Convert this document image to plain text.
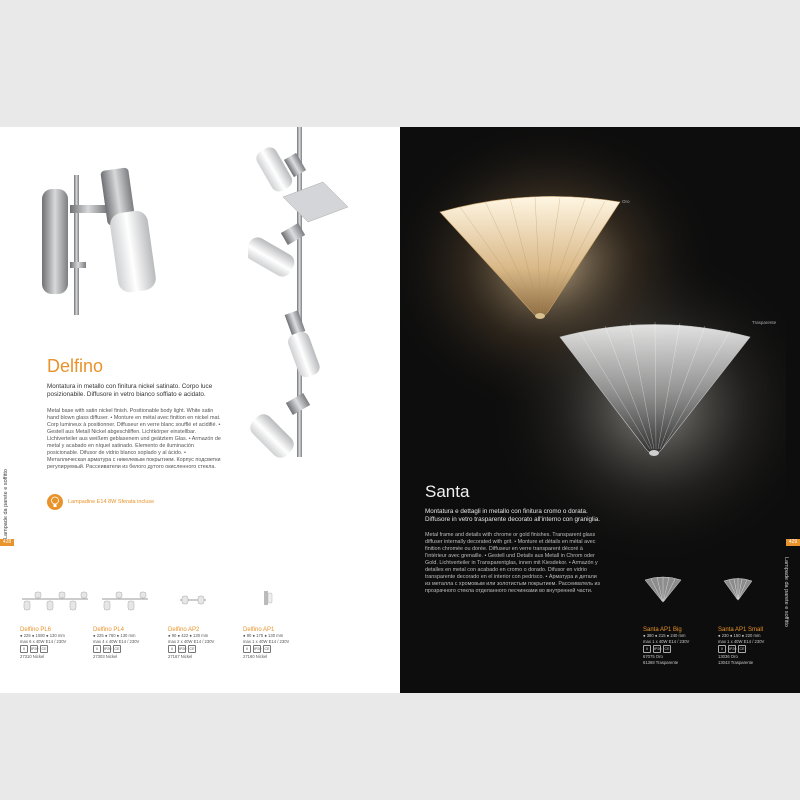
Lampade da parete e soffitto
428
Delfino
Montatura in metallo con finitura nickel satinato. Corpo luce posizionabile. Diffusore in vetro bianco soffiato e acidato.
Metal base with satin nickel finish. Positionable body light. White satin hand blown glass diffuser. • Monture en métal avec finition en nickel mat. Corp lumineux à positionner. Diffuseur en verre blanc soufflé et acidifié. • Gestell aus Metall Nickel abgeschliffen. Lichtkörper einstellbar. Lichtverteiler aus weißem geblasenem und geätztem Glas. • Armazón de metal y acabado en níquel satinado. Elemento de iluminación posicionable. Difusor de vidrio blanco soplado y al ácido. • Металлическая арматура с никелевым покрытием. Корпус подсветки регулируемый. Рассеиватели из белого дутого окисленного стекла.
Lampadine E14 8W Sferata incluse
Delfino PL6
● 225 ● 1080 ● 130 mm
max 6 x 40W E14 / 230V
II	IP20 CE
27310 Nickel
Delfino PL4
● 225 ● 760 ● 130 mm
max 4 x 40W E14 / 230V
II	IP20 CE
27303 Nickel
Delfino AP2
● 90 ● 422 ● 130 mm
max 2 x 40W E14 / 230V
II	IP20 CE
27167 Nickel
Delfino AP1
● 90 ● 175 ● 130 mm
max 1 x 40W E14 / 230V
II	IP20 CE
27160 Nickel
Oro
Trasparente
Lampade da parete e soffitto
429
Santa
Montatura e dettagli in metallo con finitura cromo o dorata. Diffusore in vetro trasparente decorato all'interno con graniglia.
Metal frame and details with chrome or gold finishes. Transparent glass diffuser internally decorated with grit. • Monture et détails en métal avec finition chromée ou dorée. Diffuseur en verre transparent décoré à l'intérieur avec grenaille. • Gestell und Details aus Metall in Chrom oder Gold. Lichtverteiler in Transparentglas, innen mit Kiesdekor. • Armazón y detalles en metal con acabado en cromo o dorado. Difusor en vidrio transparente decorado en el interior con pedrisco. • Арматура и детали из металла с хромовым или золотистым покрытием. Рассеиватель из прозрачного стекла отделанного песчинками во внутренней части.
Santa AP1 Big
● 380 ● 215 ● 240 mm
max 1 x 40W E14 / 230V
II	IP20 CE
67075 Oro
61368 Trasparente
Santa AP1 Small
● 230 ● 150 ● 220 mm
max 1 x 40W E14 / 230V
II	IP20 CE
13036 Oro
13043 Trasparente
